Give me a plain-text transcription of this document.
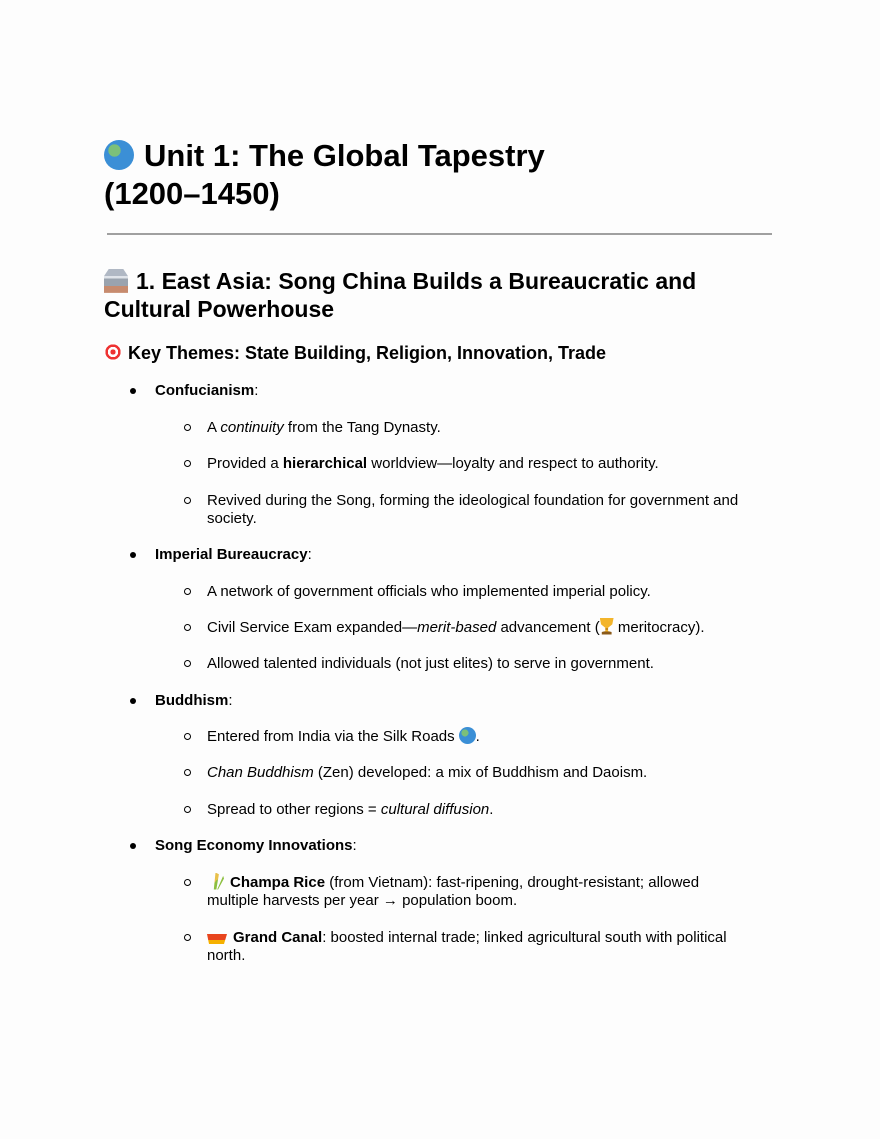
Unit 1: The Global Tapestry
(1200–1450)
1. East Asia: Song China Builds a Bureaucratic and
Cultural Powerhouse
Key Themes: State Building, Religion, Innovation, Trade
Confucianism:
A continuity from the Tang Dynasty.
Provided a hierarchical worldview—loyalty and respect to authority.
Revived during the Song, forming the ideological foundation for government and
society.
Imperial Bureaucracy:
A network of government officials who implemented imperial policy.
Civil Service Exam expanded—merit-based advancement ( meritocracy).
Allowed talented individuals (not just elites) to serve in government.
Buddhism:
Entered from India via the Silk Roads .
Chan Buddhism (Zen) developed: a mix of Buddhism and Daoism.
Spread to other regions = cultural diffusion.
Song Economy Innovations:
Champa Rice (from Vietnam): fast-ripening, drought-resistant; allowed
multiple harvests per year → population boom.
Grand Canal: boosted internal trade; linked agricultural south with political
north.
